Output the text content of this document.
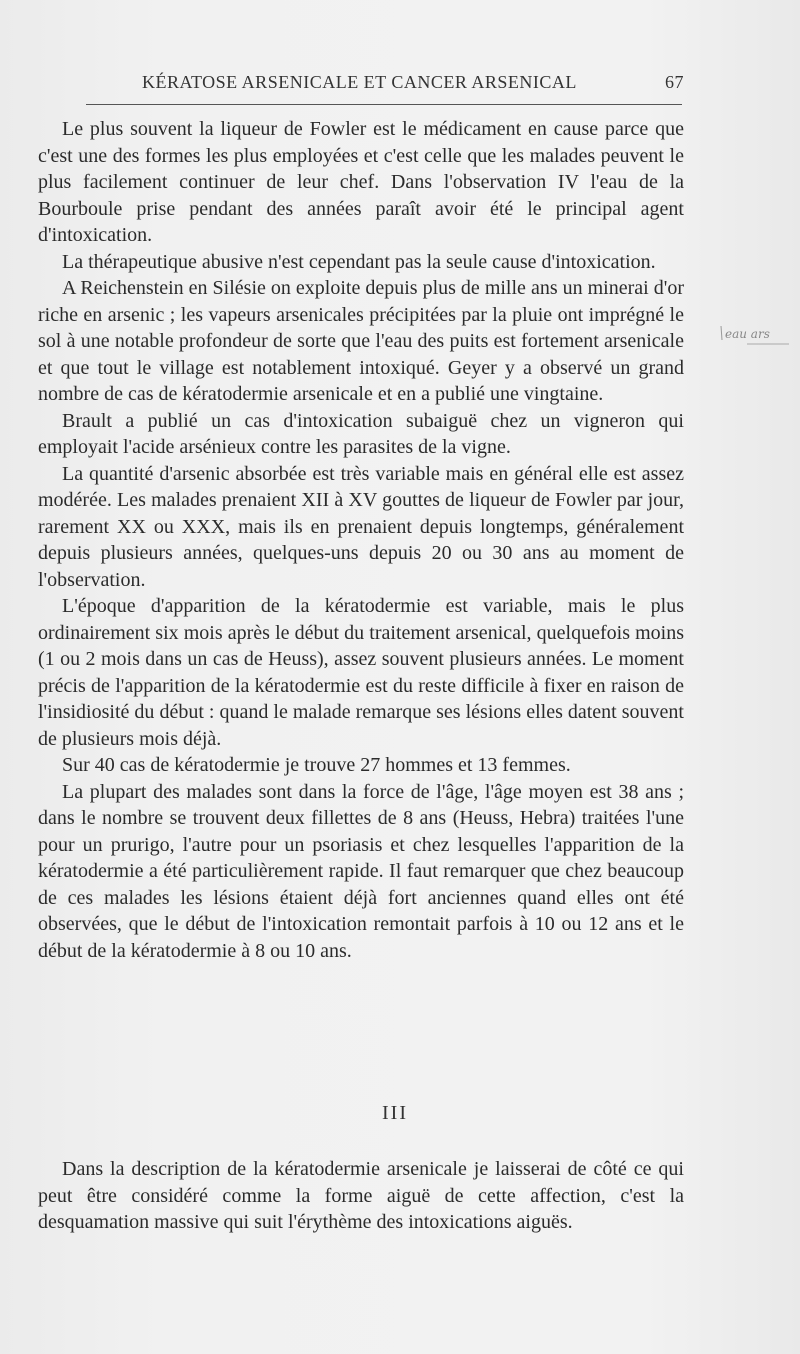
KÉRATOSE ARSENICALE ET CANCER ARSENICAL	67

Le plus souvent la liqueur de Fowler est le médicament en cause parce que c'est une des formes les plus employées et c'est celle que les malades peuvent le plus facilement continuer de leur chef. Dans l'observation IV l'eau de la Bourboule prise pendant des années paraît avoir été le principal agent d'intoxication.

La thérapeutique abusive n'est cependant pas la seule cause d'intoxication.

A Reichenstein en Silésie on exploite depuis plus de mille ans un minerai d'or riche en arsenic ; les vapeurs arsenicales précipitées par la pluie ont imprégné le sol à une notable profondeur de sorte que l'eau des puits est fortement arsenicale et que tout le village est notablement intoxiqué. Geyer y a observé un grand nombre de cas de kératodermie arsenicale et en a publié une vingtaine.

Brault a publié un cas d'intoxication subaiguë chez un vigneron qui employait l'acide arsénieux contre les parasites de la vigne.

La quantité d'arsenic absorbée est très variable mais en général elle est assez modérée. Les malades prenaient XII à XV gouttes de liqueur de Fowler par jour, rarement XX ou XXX, mais ils en prenaient depuis longtemps, généralement depuis plusieurs années, quelques-uns depuis 20 ou 30 ans au moment de l'observation.

L'époque d'apparition de la kératodermie est variable, mais le plus ordinairement six mois après le début du traitement arsenical, quelquefois moins (1 ou 2 mois dans un cas de Heuss), assez souvent plusieurs années. Le moment précis de l'apparition de la kératodermie est du reste difficile à fixer en raison de l'insidiosité du début : quand le malade remarque ses lésions elles datent souvent de plusieurs mois déjà.

Sur 40 cas de kératodermie je trouve 27 hommes et 13 femmes.

La plupart des malades sont dans la force de l'âge, l'âge moyen est 38 ans ; dans le nombre se trouvent deux fillettes de 8 ans (Heuss, Hebra) traitées l'une pour un prurigo, l'autre pour un psoriasis et chez lesquelles l'apparition de la kératodermie a été particulièrement rapide. Il faut remarquer que chez beaucoup de ces malades les lésions étaient déjà fort anciennes quand elles ont été observées, que le début de l'intoxication remontait parfois à 10 ou 12 ans et le début de la kératodermie à 8 ou 10 ans.

III

Dans la description de la kératodermie arsenicale je laisserai de côté ce qui peut être considéré comme la forme aiguë de cette affection, c'est la desquamation massive qui suit l'érythème des intoxications aiguës.

eau ars
